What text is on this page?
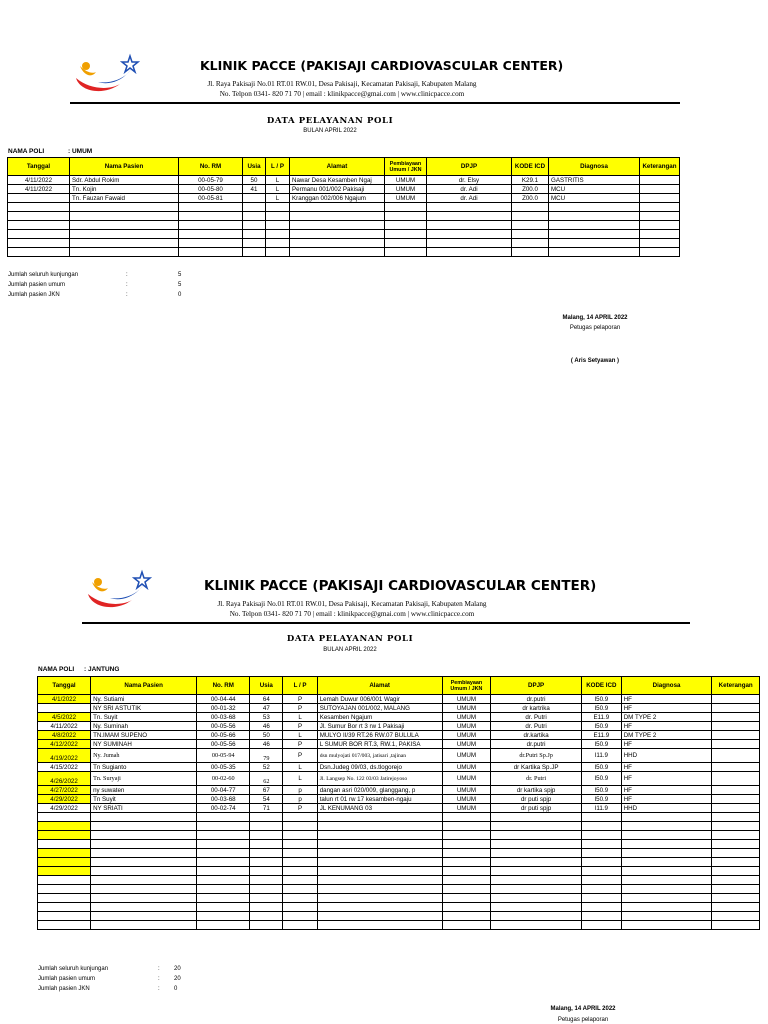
KLINIK PACCE (PAKISAJI CARDIOVASCULAR CENTER)
Jl. Raya Pakisaji No.01 RT.01 RW.01, Desa Pakisaji, Kecamatan Pakisaji, Kabupaten Malang
No. Telpon 0341- 820 71 70 | email : klinikpacce@gmai.com | www.clinicpacce.com
DATA PELAYANAN POLI
BULAN APRIL 2022
NAMA POLI	: UMUM
Tanggal	Nama Pasien	No. RM	Usia	L / P	Alamat	Pembiayaan Umum / JKN	DPJP	KODE ICD	Diagnosa	Keterangan
4/11/2022	Sdr. Abdul Rokim	00-05-79	50	L	Nawar Desa Kesamben Ngaj	UMUM	dr. Elsy	K29.1	GASTRITIS	
4/11/2022	Tn. Kojin	00-05-80	41	L	Permanu 001/002 Pakisaji	UMUM	dr. Adi	Z00.0	MCU	
	Tn. Fauzan Fawaid	00-05-81		L	Kranggan 002/006 Ngajum	UMUM	dr. Adi	Z00.0	MCU	

Jumlah seluruh kunjungan	:	5
Jumlah pasien umum	:	5
Jumlah pasien JKN	:	0
Malang, 14 APRIL 2022
Petugas pelaporan
( Aris Setyawan )
KLINIK PACCE (PAKISAJI CARDIOVASCULAR CENTER)
Jl. Raya Pakisaji No.01 RT.01 RW.01, Desa Pakisaji, Kecamatan Pakisaji, Kabupaten Malang
No. Telpon 0341- 820 71 70 | email : klinikpacce@gmai.com | www.clinicpacce.com
DATA PELAYANAN POLI
BULAN APRIL 2022
NAMA POLI : JANTUNG
Tanggal	Nama Pasien	No. RM	Usia	L / P	Alamat	Pembiayaan Umum / JKN	DPJP	KODE ICD	Diagnosa	Keterangan
4/1/2022	Ny. Sutiami	00-04-44	64	P	Lemah Duwur 006/001 Wagir	UMUM	dr.putri	I50.9	HF	
	NY SRI ASTUTIK	00-01-32	47	P	SUTOYAJAN 001/002, MALANG	UMUM	dr kartrika	I50.9	HF	
4/5/2022	Tn. Suyit	00-03-68	53	L	Kesamben Ngajum	UMUM	dr. Putri	E11.9	DM TYPE 2	
4/11/2022	Ny. Suminah	00-05-56	46	P	Jl. Sumur Bor rt 3 rw 1 Pakisaji	UMUM	dr. Putri	I50.9	HF	
4/8/2022	TN.IMAM SUPENO	00-05-66	50	L	MULYO II/39 RT.26 RW.07 BULULA	UMUM	dr.kartika	E11.9	DM TYPE 2	
4/12/2022	NY SUMINAH	00-05-56	46	P	L SUMUR BOR RT.3, RW.1, PAKISA	UMUM	dr.putri	I50.9	HF	
4/19/2022	Ny. Jumah	00-05-94	79	P	dsn mulyojati 017/003, jatisari ,tajinan	UMUM	dr.Putri Sp.Jp	I11.9	HHD	
4/15/2022	Tn Sugianto	00-05-35	52	L	Dsn.Judeg 09/03, ds.tlogorejo	UMUM	dr Kartika Sp.JP	I50.9	HF	
4/26/2022	Tn. Suryaji	00-02-60	62	L	Jl. Langsep No. 122 03/03 Jatirejoyoso	UMUM	dr. Putri	I50.9	HF	
4/27/2022	ny suwaten	00-04-77	67	p	dangan asri 020/009, glanggang, p	UMUM	dr kartika spjp	I50.9	HF	
4/29/2022	Tn Suyit	00-03-68	54	p	talun rt 01 rw 17 kesamben-ngaju	UMUM	dr puti spjp	I50.9	HF	
4/29/2022	NY SRIATI	00-02-74	71	P	JL KENUMANG 03	UMUM	dr puti spjp	I11.9	HHD	

Jumlah seluruh kunjungan	: 20
Jumlah pasien umum	: 20
Jumlah pasien JKN	: 0
Malang, 14 APRIL 2022
Petugas pelaporan
